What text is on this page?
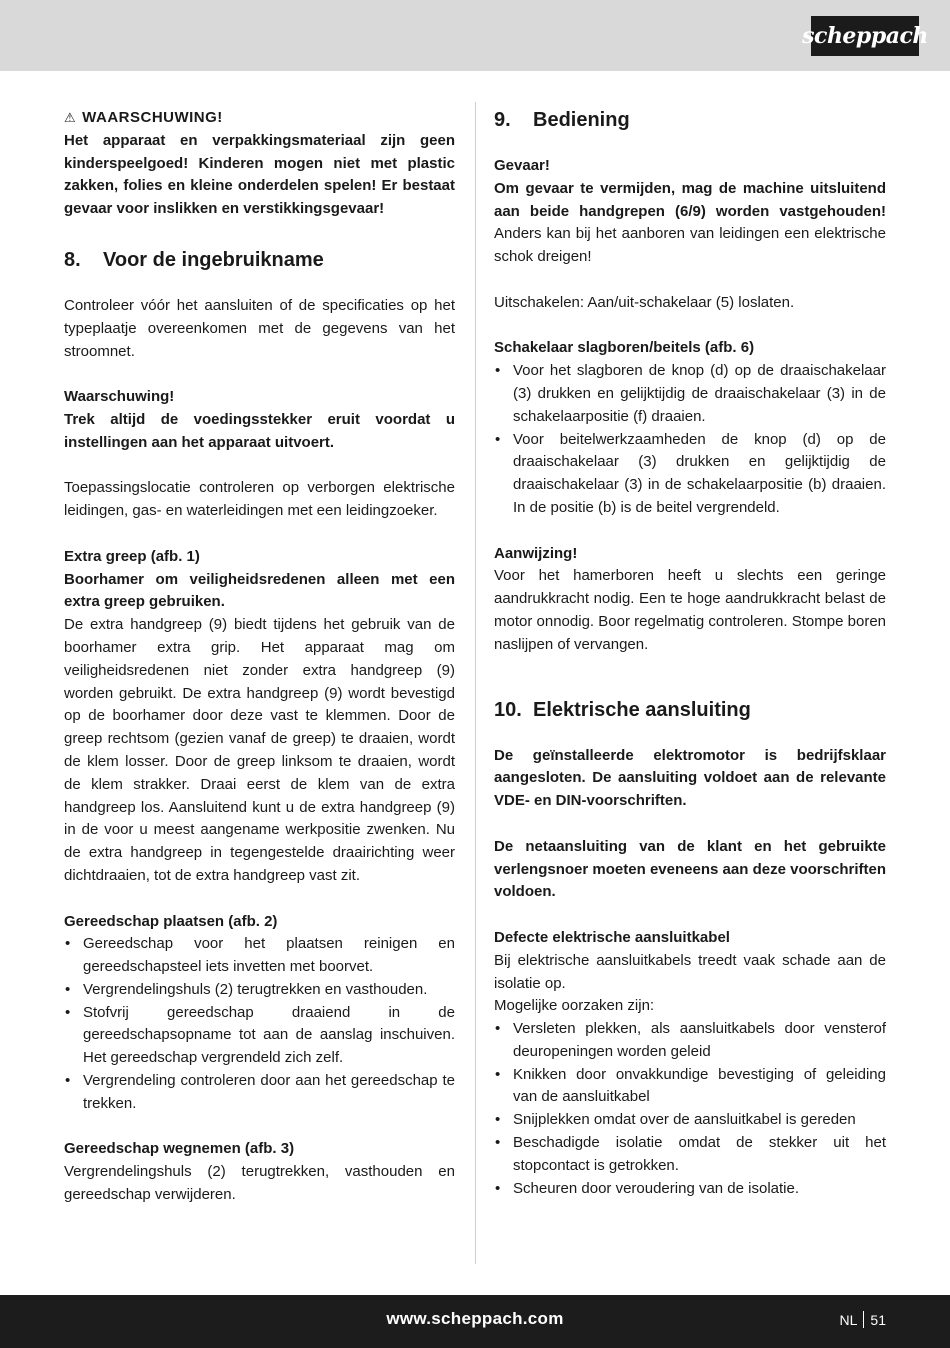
scheppach
⚠ WAARSCHUWING!

Het apparaat en verpakkingsmateriaal zijn geen kinderspeelgoed! Kinderen mogen niet met plastic zakken, folies en kleine onderdelen spelen! Er bestaat gevaar voor inslikken en verstikkingsgevaar!

8.	Voor de ingebruikname

Controleer vóór het aansluiten of de specificaties op het typeplaatje overeenkomen met de gegevens van het stroomnet.

Waarschuwing!

Trek altijd de voedingsstekker eruit voordat u instellingen aan het apparaat uitvoert.

Toepassingslocatie controleren op verborgen elektrische leidingen, gas- en waterleidingen met een leidingzoeker.

Extra greep (afb. 1)

Boorhamer om veiligheidsredenen alleen met een extra greep gebruiken.

De extra handgreep (9) biedt tijdens het gebruik van de boorhamer extra grip. Het apparaat mag om veiligheidsredenen niet zonder extra handgreep (9) worden gebruikt. De extra handgreep (9) wordt bevestigd op de boorhamer door deze vast te klemmen. Door de greep rechtsom (gezien vanaf de greep) te draaien, wordt de klem losser. Door de greep linksom te draaien, wordt de klem strakker. Draai eerst de klem van de extra handgreep los. Aansluitend kunt u de extra handgreep (9) in de voor u meest aangename werkpositie zwenken. Nu de extra handgreep in tegengestelde draairichting weer dichtdraaien, tot de extra handgreep vast zit.

Gereedschap plaatsen (afb. 2)

• Gereedschap voor het plaatsen reinigen en gereedschapsteel iets invetten met boorvet.
• Vergrendelingshuls (2) terugtrekken en vasthouden.
• Stofvrij gereedschap draaiend in de gereedschapsopname tot aan de aanslag inschuiven. Het gereedschap vergrendeld zich zelf.
• Vergrendeling controleren door aan het gereedschap te trekken.

Gereedschap wegnemen (afb. 3)

Vergrendelingshuls (2) terugtrekken, vasthouden en gereedschap verwijderen.

9.	Bediening

Gevaar!

Om gevaar te vermijden, mag de machine uitsluitend aan beide handgrepen (6/9) worden vastgehouden! Anders kan bij het aanboren van leidingen een elektrische schok dreigen!

Uitschakelen: Aan/uit-schakelaar (5) loslaten.

Schakelaar slagboren/beitels (afb. 6)

• Voor het slagboren de knop (d) op de draaischakelaar (3) drukken en gelijktijdig de draaischakelaar (3) in de schakelaarpositie (f) draaien.
• Voor beitelwerkzaamheden de knop (d) op de draaischakelaar (3) drukken en gelijktijdig de draaischakelaar (3) in de schakelaarpositie (b) draaien. In de positie (b) is de beitel vergrendeld.

Aanwijzing!

Voor het hamerboren heeft u slechts een geringe aandrukkracht nodig. Een te hoge aandrukkracht belast de motor onnodig. Boor regelmatig controleren. Stompe boren naslijpen of vervangen.

10. Elektrische aansluiting

De geïnstalleerde elektromotor is bedrijfsklaar aangesloten. De aansluiting voldoet aan de relevante VDE- en DIN-voorschriften.

De netaansluiting van de klant en het gebruikte verlengsnoer moeten eveneens aan deze voorschriften voldoen.

Defecte elektrische aansluitkabel

Bij elektrische aansluitkabels treedt vaak schade aan de isolatie op.

Mogelijke oorzaken zijn:

• Versleten plekken, als aansluitkabels door vensterof deuropeningen worden geleid
• Knikken door onvakkundige bevestiging of geleiding van de aansluitkabel
• Snijplekken omdat over de aansluitkabel is gereden
• Beschadigde isolatie omdat de stekker uit het stopcontact is getrokken.
• Scheuren door veroudering van de isolatie.
www.scheppach.com	NL 51
